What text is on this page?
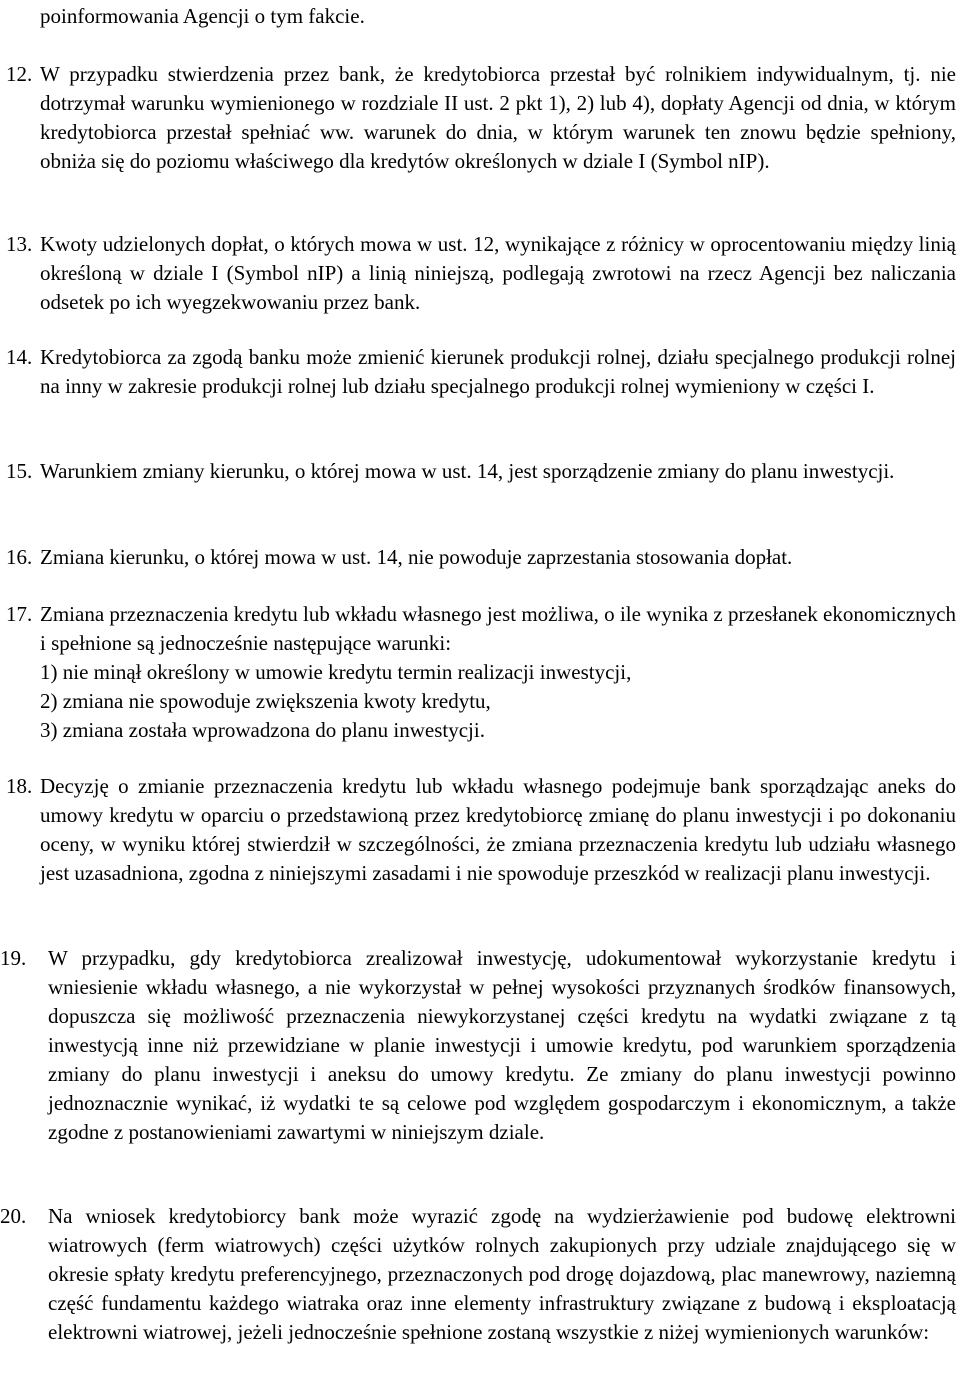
poinformowania Agencji o tym fakcie.
12. W przypadku stwierdzenia przez bank, że kredytobiorca przestał być rolnikiem indywidualnym, tj. nie dotrzymał warunku wymienionego w rozdziale II ust. 2 pkt 1), 2) lub 4), dopłaty Agencji od dnia, w którym kredytobiorca przestał spełniać ww. warunek do dnia, w którym warunek ten znowu będzie spełniony, obniża się do poziomu właściwego dla kredytów określonych w dziale I (Symbol nIP).
13. Kwoty udzielonych dopłat, o których mowa w ust. 12, wynikające z różnicy w oprocentowaniu między linią określoną w dziale I (Symbol nIP) a linią niniejszą, podlegają zwrotowi na rzecz Agencji bez naliczania odsetek po ich wyegzekwowaniu przez bank.
14. Kredytobiorca za zgodą banku może zmienić kierunek produkcji rolnej, działu specjalnego produkcji rolnej na inny w zakresie produkcji rolnej lub działu specjalnego produkcji rolnej wymieniony w części I.
15. Warunkiem zmiany kierunku, o której mowa w ust. 14, jest sporządzenie zmiany do planu inwestycji.
16. Zmiana kierunku, o której mowa w ust. 14, nie powoduje zaprzestania stosowania dopłat.
17. Zmiana przeznaczenia kredytu lub wkładu własnego jest możliwa, o ile wynika z przesłanek ekonomicznych i spełnione są jednocześnie następujące warunki:
1) nie minął określony w umowie kredytu termin realizacji inwestycji,
2) zmiana nie spowoduje zwiększenia kwoty kredytu,
3) zmiana została wprowadzona do planu inwestycji.
18. Decyzję o zmianie przeznaczenia kredytu lub wkładu własnego podejmuje bank sporządzając aneks do umowy kredytu w oparciu o przedstawioną przez kredytobiorcę zmianę do planu inwestycji i po dokonaniu oceny, w wyniku której stwierdził w szczególności, że zmiana przeznaczenia kredytu lub udziału własnego jest uzasadniona, zgodna z niniejszymi zasadami i nie spowoduje przeszkód w realizacji planu inwestycji.
19. W przypadku, gdy kredytobiorca zrealizował inwestycję, udokumentował wykorzystanie kredytu i wniesienie wkładu własnego, a nie wykorzystał w pełnej wysokości przyznanych środków finansowych, dopuszcza się możliwość przeznaczenia niewykorzystanej części kredytu na wydatki związane z tą inwestycją inne niż przewidziane w planie inwestycji i umowie kredytu, pod warunkiem sporządzenia zmiany do planu inwestycji i aneksu do umowy kredytu. Ze zmiany do planu inwestycji powinno jednoznacznie wynikać, iż wydatki te są celowe pod względem gospodarczym i ekonomicznym, a także zgodne z postanowieniami zawartymi w niniejszym dziale.
20. Na wniosek kredytobiorcy bank może wyrazić zgodę na wydzierżawienie pod budowę elektrowni wiatrowych (ferm wiatrowych) części użytków rolnych zakupionych przy udziale znajdującego się w okresie spłaty kredytu preferencyjnego, przeznaczonych pod drogę dojazdową, plac manewrowy, naziemną część fundamentu każdego wiatraka oraz inne elementy infrastruktury związane z budową i eksploatacją elektrowni wiatrowej, jeżeli jednocześnie spełnione zostaną wszystkie z niżej wymienionych warunków:
